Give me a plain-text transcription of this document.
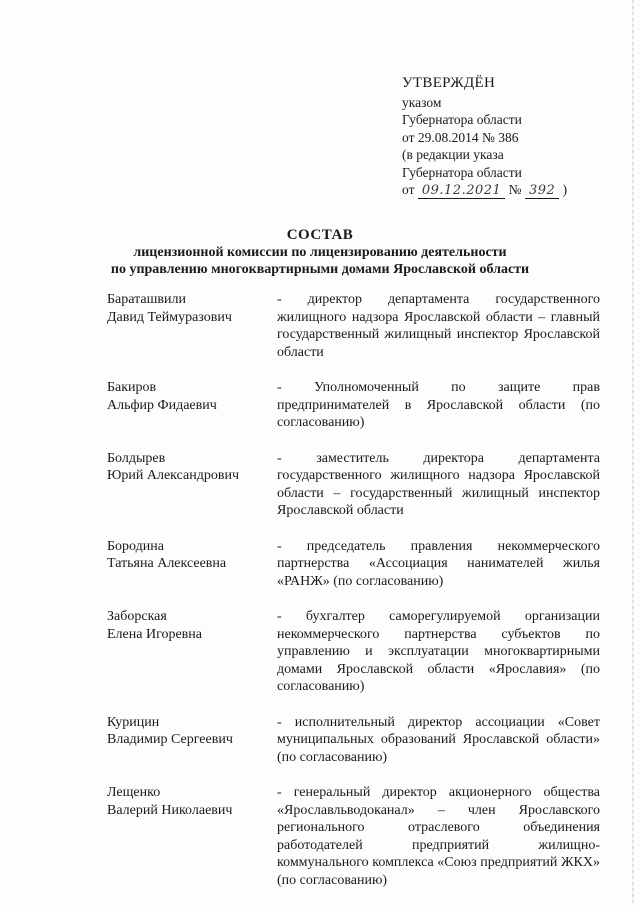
УТВЕРЖДЁН
указом
Губернатора области
от 29.08.2014 № 386
(в редакции указа
Губернатора области
от 09.12.2021 № 392 )
СОСТАВ
лицензионной комиссии по лицензированию деятельности
по управлению многоквартирными домами Ярославской области
Бараташвили
Давид Теймуразович
- директор департамента государственного жилищного надзора Ярославской области – главный государственный жилищный инспектор Ярославской области
Бакиров
Альфир Фидаевич
- Уполномоченный по защите прав предпринимателей в Ярославской области (по согласованию)
Болдырев
Юрий Александрович
- заместитель директора департамента государственного жилищного надзора Ярославской области – государственный жилищный инспектор Ярославской области
Бородина
Татьяна Алексеевна
- председатель правления некоммерческого партнерства «Ассоциация нанимателей жилья «РАНЖ» (по согласованию)
Заборская
Елена Игоревна
- бухгалтер саморегулируемой организации некоммерческого партнерства субъектов по управлению и эксплуатации многоквартирными домами Ярославской области «Ярославия» (по согласованию)
Курицин
Владимир Сергеевич
- исполнительный директор ассоциации «Совет муниципальных образований Ярославской области» (по согласованию)
Лещенко
Валерий Николаевич
- генеральный директор акционерного общества «Ярославльводоканал» – член Ярославского регионального отраслевого объединения работодателей предприятий жилищно-коммунального комплекса «Союз предприятий ЖКХ» (по согласованию)
